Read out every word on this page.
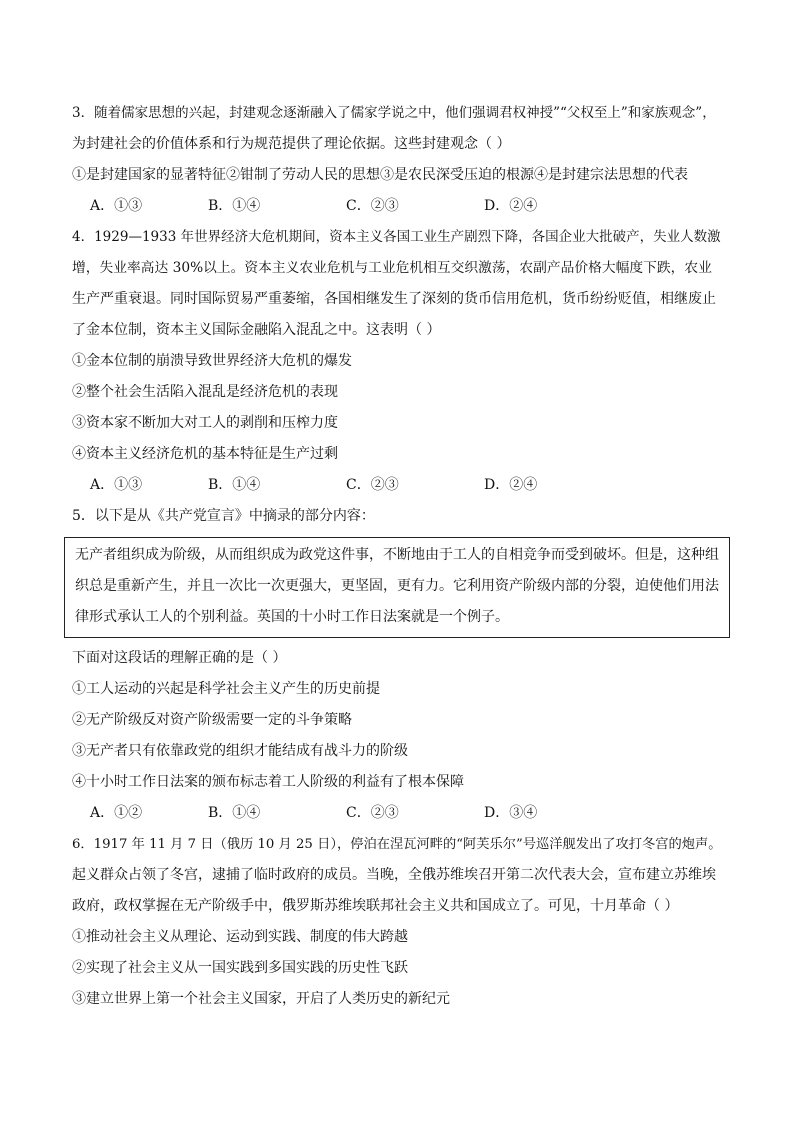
3．随着儒家思想的兴起，封建观念逐渐融入了儒家学说之中，他们强调君权神授”“父权至上”和家族观念”，
为封建社会的价值体系和行为规范提供了理论依据。这些封建观念（ ）
①是封建国家的显著特征②钳制了劳动人民的思想③是农民深受压迫的根源④是封建宗法思想的代表
A．①③	B．①④	C．②③	D．②④
4．1929—1933 年世界经济大危机期间，资本主义各国工业生产剧烈下降，各国企业大批破产，失业人数激
增，失业率高达 30%以上。资本主义农业危机与工业危机相互交织激荡，农副产品价格大幅度下跌，农业
生产严重衰退。同时国际贸易严重萎缩，各国相继发生了深刻的货币信用危机，货币纷纷贬值，相继废止
了金本位制，资本主义国际金融陷入混乱之中。这表明（ ）
①金本位制的崩溃导致世界经济大危机的爆发
②整个社会生活陷入混乱是经济危机的表现
③资本家不断加大对工人的剥削和压榨力度
④资本主义经济危机的基本特征是生产过剩
A．①③	B．①④	C．②③	D．②④
5．以下是从《共产党宣言》中摘录的部分内容：
无产者组织成为阶级，从而组织成为政党这件事，不断地由于工人的自相竞争而受到破坏。但是，这种组
织总是重新产生，并且一次比一次更强大，更坚固，更有力。它利用资产阶级内部的分裂，迫使他们用法
律形式承认工人的个别利益。英国的十小时工作日法案就是一个例子。
下面对这段话的理解正确的是（ ）
①工人运动的兴起是科学社会主义产生的历史前提
②无产阶级反对资产阶级需要一定的斗争策略
③无产者只有依靠政党的组织才能结成有战斗力的阶级
④十小时工作日法案的颁布标志着工人阶级的利益有了根本保障
A．①②	B．①④	C．②③	D．③④
6．1917 年 11 月 7 日（俄历 10 月 25 日），停泊在涅瓦河畔的“阿芙乐尔”号巡洋舰发出了攻打冬宫的炮声。
起义群众占领了冬宫，逮捕了临时政府的成员。当晚，全俄苏维埃召开第二次代表大会，宣布建立苏维埃
政府，政权掌握在无产阶级手中，俄罗斯苏维埃联邦社会主义共和国成立了。可见，十月革命（ ）
①推动社会主义从理论、运动到实践、制度的伟大跨越
②实现了社会主义从一国实践到多国实践的历史性飞跃
③建立世界上第一个社会主义国家，开启了人类历史的新纪元
